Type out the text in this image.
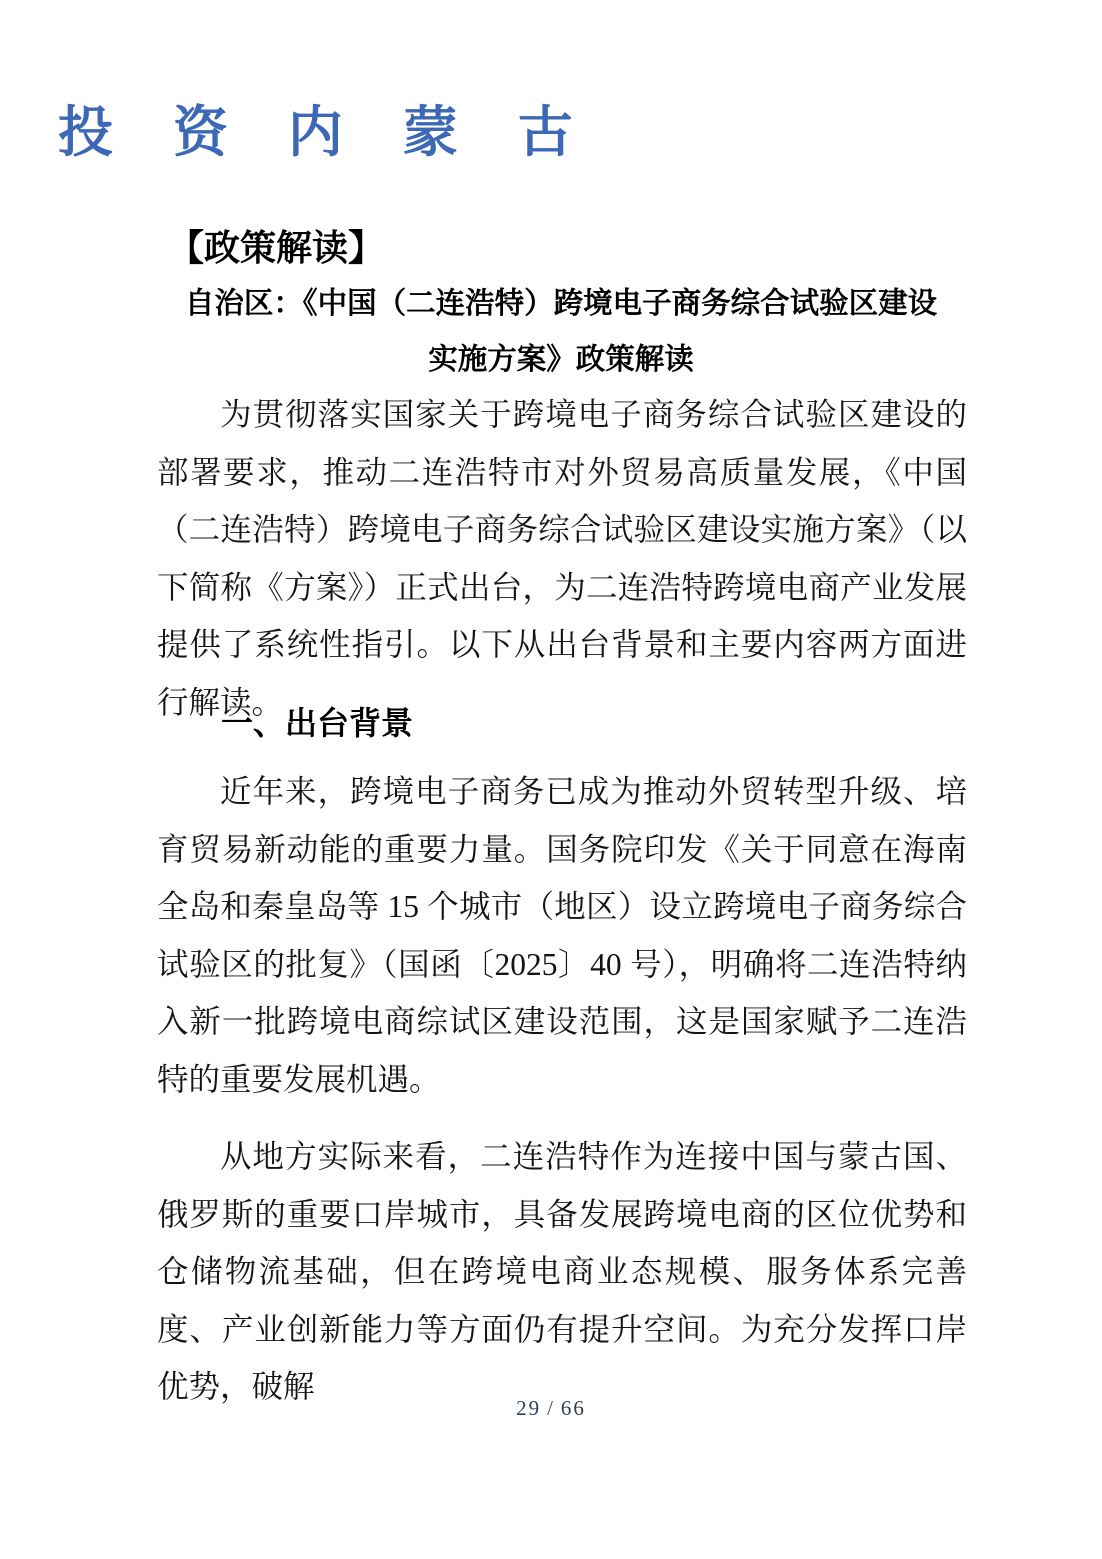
投 资 内 蒙 古
【政策解读】
自治区：《中国（二连浩特）跨境电子商务综合试验区建设
实施方案》政策解读
为贯彻落实国家关于跨境电子商务综合试验区建设的部署要求，推动二连浩特市对外贸易高质量发展，《中国（二连浩特）跨境电子商务综合试验区建设实施方案》（以下简称《方案》）正式出台，为二连浩特跨境电商产业发展提供了系统性指引。以下从出台背景和主要内容两方面进行解读。
一、出台背景
近年来，跨境电子商务已成为推动外贸转型升级、培育贸易新动能的重要力量。国务院印发《关于同意在海南全岛和秦皇岛等 15 个城市（地区）设立跨境电子商务综合试验区的批复》（国函〔2025〕40 号），明确将二连浩特纳入新一批跨境电商综试区建设范围，这是国家赋予二连浩特的重要发展机遇。
从地方实际来看，二连浩特作为连接中国与蒙古国、俄罗斯的重要口岸城市，具备发展跨境电商的区位优势和仓储物流基础，但在跨境电商业态规模、服务体系完善度、产业创新能力等方面仍有提升空间。为充分发挥口岸优势，破解
29 / 66
